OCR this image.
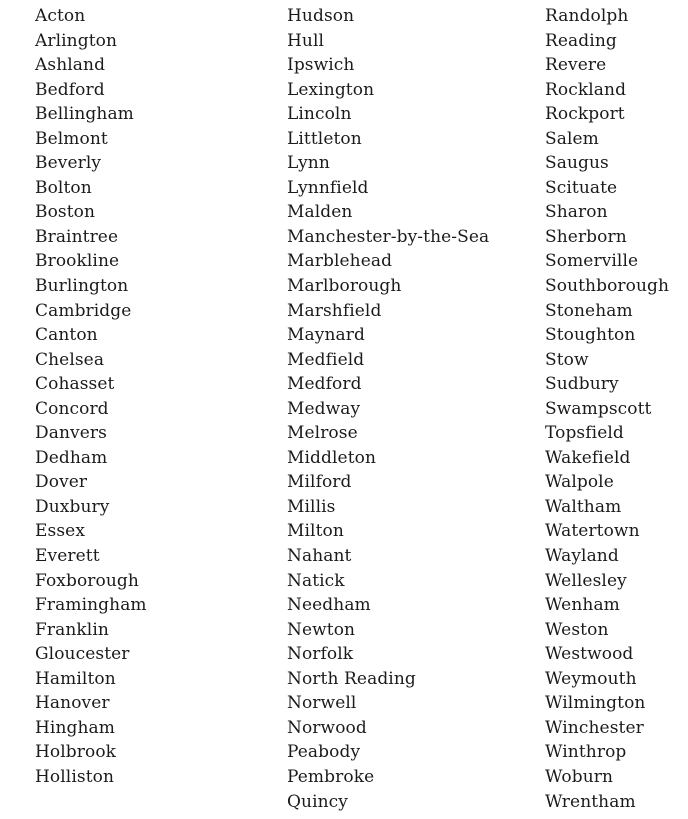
Acton
Arlington
Ashland
Bedford
Bellingham
Belmont
Beverly
Bolton
Boston
Braintree
Brookline
Burlington
Cambridge
Canton
Chelsea
Cohasset
Concord
Danvers
Dedham
Dover
Duxbury
Essex
Everett
Foxborough
Framingham
Franklin
Gloucester
Hamilton
Hanover
Hingham
Holbrook
Holliston
Hudson
Hull
Ipswich
Lexington
Lincoln
Littleton
Lynn
Lynnfield
Malden
Manchester-by-the-Sea
Marblehead
Marlborough
Marshfield
Maynard
Medfield
Medford
Medway
Melrose
Middleton
Milford
Millis
Milton
Nahant
Natick
Needham
Newton
Norfolk
North Reading
Norwell
Norwood
Peabody
Pembroke
Quincy
Randolph
Reading
Revere
Rockland
Rockport
Salem
Saugus
Scituate
Sharon
Sherborn
Somerville
Southborough
Stoneham
Stoughton
Stow
Sudbury
Swampscott
Topsfield
Wakefield
Walpole
Waltham
Watertown
Wayland
Wellesley
Wenham
Weston
Westwood
Weymouth
Wilmington
Winchester
Winthrop
Woburn
Wrentham
